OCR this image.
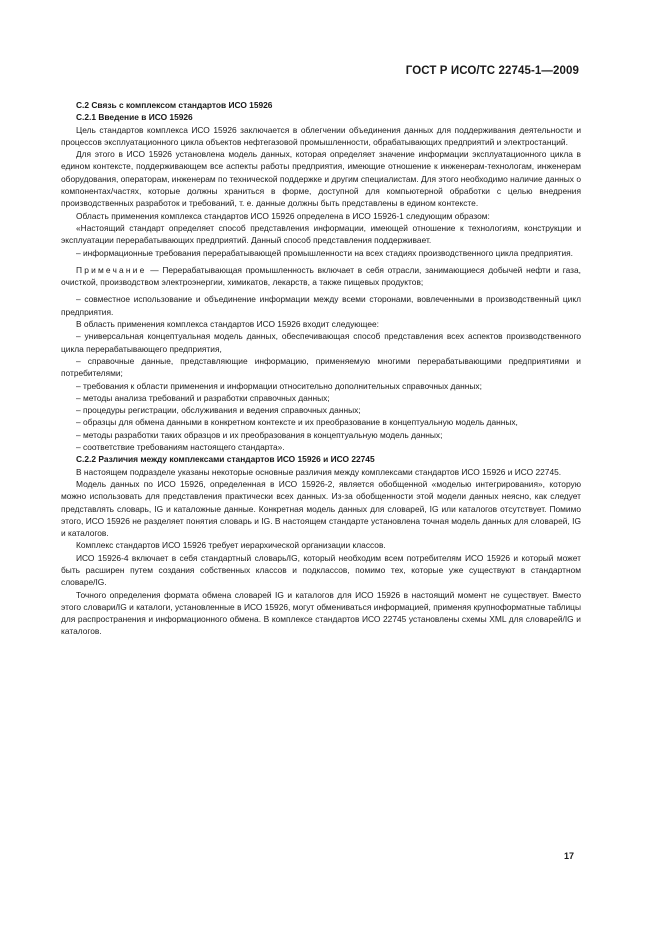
ГОСТ Р ИСО/ТС 22745-1—2009

С.2 Связь с комплексом стандартов ИСО 15926

С.2.1 Введение в ИСО 15926

Цель стандартов комплекса ИСО 15926 заключается в облегчении объединения данных для поддерживания деятельности и процессов эксплуатационного цикла объектов нефтегазовой промышленности, обрабатывающих предприятий и электростанций.

Для этого в ИСО 15926 установлена модель данных, которая определяет значение информации эксплуатационного цикла в едином контексте, поддерживающем все аспекты работы предприятия, имеющие отношение к инженерам-технологам, инженерам оборудования, операторам, инженерам по технической поддержке и другим специалистам. Для этого необходимо наличие данных о компонентах/частях, которые должны храниться в форме, доступной для компьютерной обработки с целью внедрения производственных разработок и требований, т. е. данные должны быть представлены в едином контексте.

Область применения комплекса стандартов ИСО 15926 определена в ИСО 15926-1 следующим образом:

«Настоящий стандарт определяет способ представления информации, имеющей отношение к технологиям, конструкции и эксплуатации перерабатывающих предприятий. Данный способ представления поддерживает.

– информационные требования перерабатывающей промышленности на всех стадиях производственного цикла предприятия.

Примечание — Перерабатывающая промышленность включает в себя отрасли, занимающиеся добычей нефти и газа, очисткой, производством электроэнергии, химикатов, лекарств, а также пищевых продуктов;

– совместное использование и объединение информации между всеми сторонами, вовлеченными в производственный цикл предприятия.

В область применения комплекса стандартов ИСО 15926 входит следующее:

– универсальная концептуальная модель данных, обеспечивающая способ представления всех аспектов производственного цикла перерабатывающего предприятия,

– справочные данные, представляющие информацию, применяемую многими перерабатывающими предприятиями и потребителями;

– требования к области применения и информации относительно дополнительных справочных данных;

– методы анализа требований и разработки справочных данных;

– процедуры регистрации, обслуживания и ведения справочных данных;

– образцы для обмена данными в конкретном контексте и их преобразование в концептуальную модель данных,

– методы разработки таких образцов и их преобразования в концептуальную модель данных;

– соответствие требованиям настоящего стандарта».

С.2.2 Различия между комплексами стандартов ИСО 15926 и ИСО 22745

В настоящем подразделе указаны некоторые основные различия между комплексами стандартов ИСО 15926 и ИСО 22745.

Модель данных по ИСО 15926, определенная в ИСО 15926-2, является обобщенной «моделью интегрирования», которую можно использовать для представления практически всех данных. Из-за обобщенности этой модели данных неясно, как следует представлять словарь, IG и каталожные данные. Конкретная модель данных для словарей, IG или каталогов отсутствует. Помимо этого, ИСО 15926 не разделяет понятия словарь и IG. В настоящем стандарте установлена точная модель данных для словарей, IG и каталогов.

Комплекс стандартов ИСО 15926 требует иерархической организации классов.

ИСО 15926-4 включает в себя стандартный словарь/IG, который необходим всем потребителям ИСО 15926 и который может быть расширен путем создания собственных классов и подклассов, помимо тех, которые уже существуют в стандартном словаре/IG.

Точного определения формата обмена словарей IG и каталогов для ИСО 15926 в настоящий момент не существует. Вместо этого словари/IG и каталоги, установленные в ИСО 15926, могут обмениваться информацией, применяя крупноформатные таблицы для распространения и информационного обмена. В комплексе стандартов ИСО 22745 установлены схемы XML для словарей/IG и каталогов.

17
